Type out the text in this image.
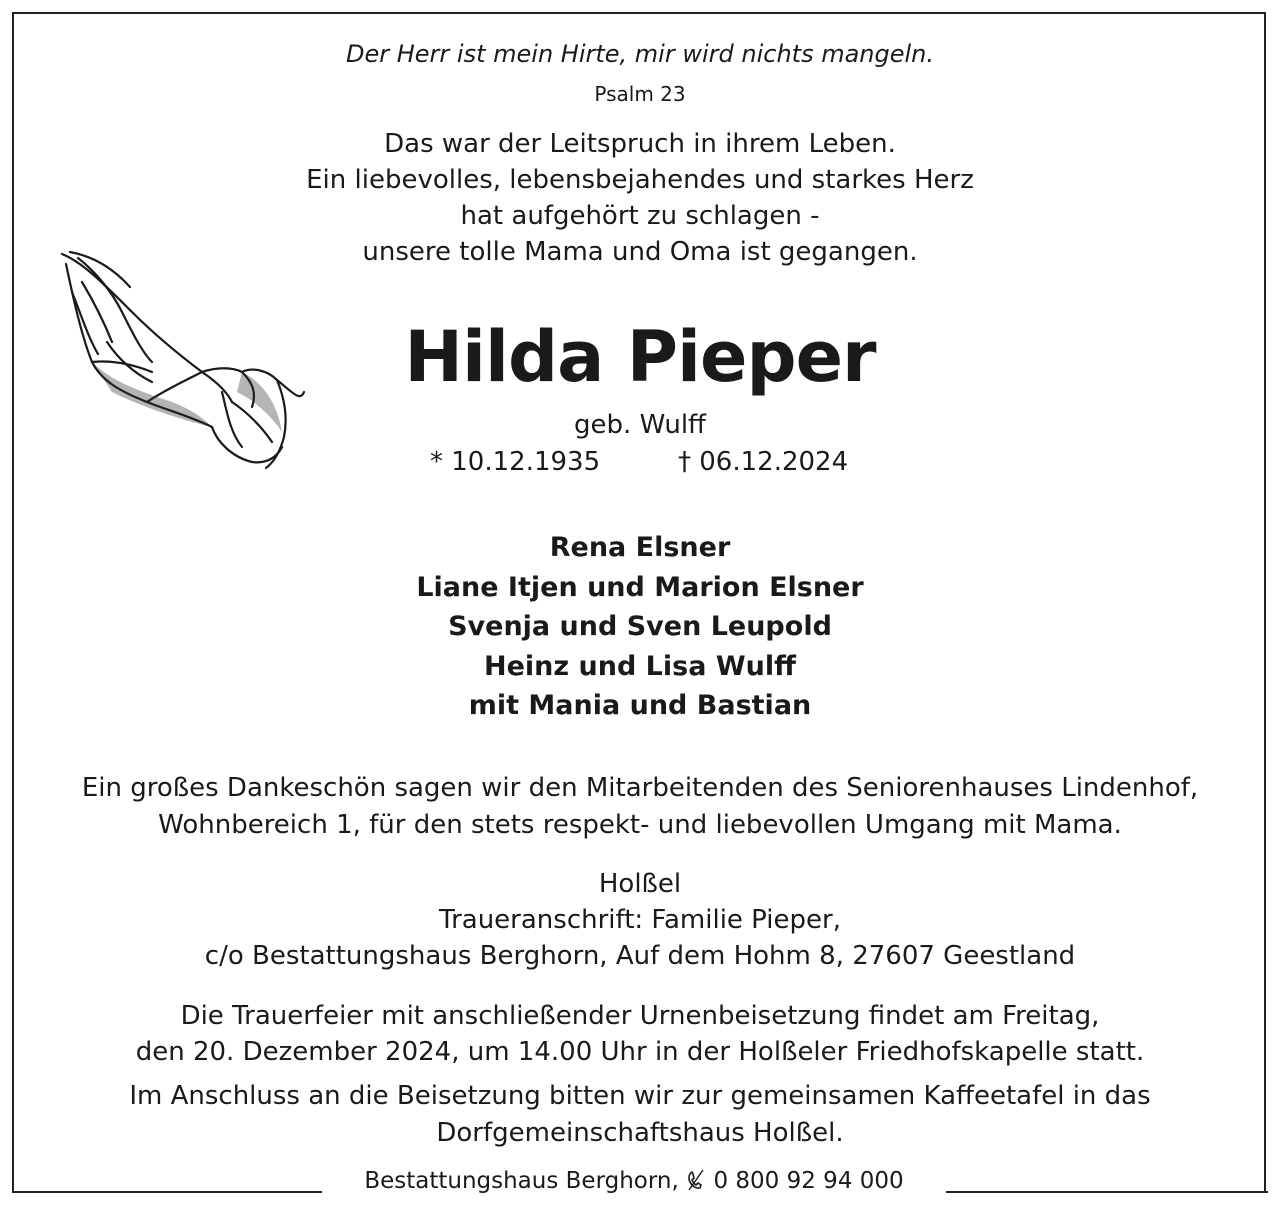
Der Herr ist mein Hirte, mir wird nichts mangeln.
Psalm 23
Das war der Leitspruch in ihrem Leben.
Ein liebevolles, lebensbejahendes und starkes Herz
hat aufgehört zu schlagen -
unsere tolle Mama und Oma ist gegangen.
Hilda Pieper
geb. Wulff
* 10.12.1935	† 06.12.2024
Rena Elsner
Liane Itjen und Marion Elsner
Svenja und Sven Leupold
Heinz und Lisa Wulff
mit Mania und Bastian
Ein großes Dankeschön sagen wir den Mitarbeitenden des Seniorenhauses Lindenhof,
Wohnbereich 1, für den stets respekt- und liebevollen Umgang mit Mama.
Holßel
Traueranschrift: Familie Pieper,
c/o Bestattungshaus Berghorn, Auf dem Hohm 8, 27607 Geestland
Die Trauerfeier mit anschließender Urnenbeisetzung findet am Freitag,
den 20. Dezember 2024, um 14.00 Uhr in der Holßeler Friedhofskapelle statt.
Im Anschluss an die Beisetzung bitten wir zur gemeinsamen Kaffeetafel in das
Dorfgemeinschaftshaus Holßel.
Bestattungshaus Berghorn, 0 800 92 94 000
